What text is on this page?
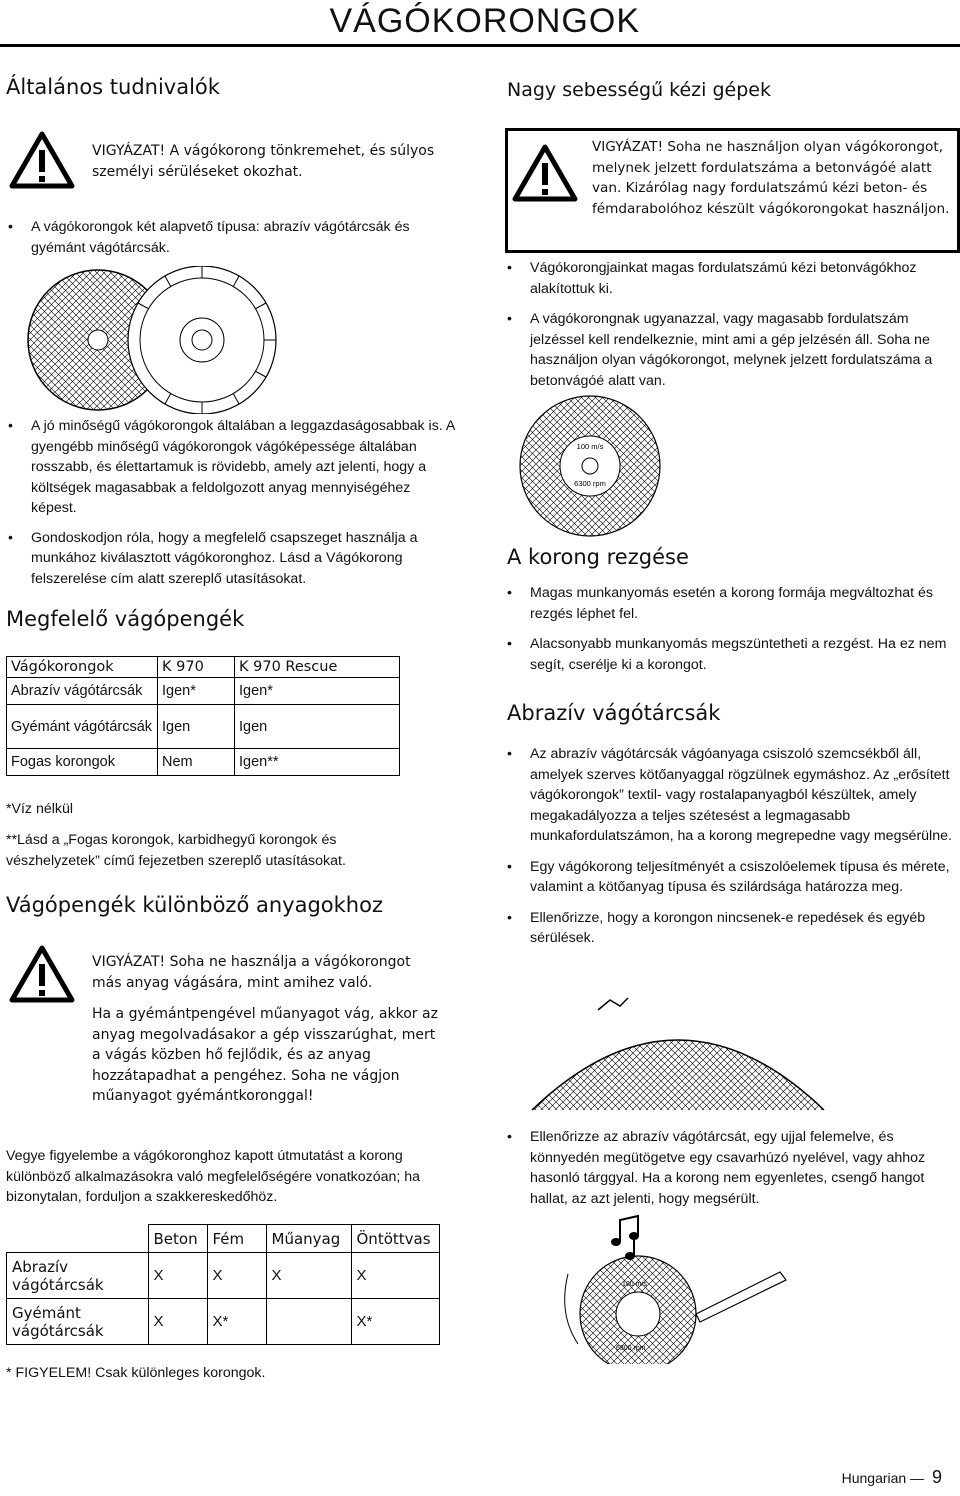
VÁGÓKORONGOK
Általános tudnivalók
VIGYÁZAT! A vágókorong tönkremehet, és súlyos személyi sérüléseket okozhat.
• A vágókorongok két alapvető típusa: abrazív vágótárcsák és gyémánt vágótárcsák.
• A jó minőségű vágókorongok általában a leggazdaságosabbak is. A gyengébb minőségű vágókorongok vágóképessége általában rosszabb, és élettartamuk is rövidebb, amely azt jelenti, hogy a költségek magasabbak a feldolgozott anyag mennyiségéhez képest.
• Gondoskodjon róla, hogy a megfelelő csapszeget használja a munkához kiválasztott vágókoronghoz. Lásd a Vágókorong felszerelése cím alatt szereplő utasításokat.
Megfelelő vágópengék
Vágókorongok	K 970	K 970 Rescue
Abrazív vágótárcsák	Igen*	Igen*
Gyémánt vágótárcsák	Igen	Igen
Fogas korongok	Nem	Igen**

*Víz nélkül

**Lásd a „Fogas korongok, karbidhegyű korongok és vészhelyzetek” című fejezetben szereplő utasításokat.

Vágópengék különböző anyagokhoz

VIGYÁZAT! Soha ne használja a vágókorongot más anyag vágására, mint amihez való.

Ha a gyémántpengével műanyagot vág, akkor az anyag megolvadásakor a gép visszarúghat, mert a vágás közben hő fejlődik, és az anyag hozzátapadhat a pengéhez. Soha ne vágjon műanyagot gyémántkoronggal!

Vegye figyelembe a vágókoronghoz kapott útmutatást a korong különböző alkalmazásokra való megfelelőségére vonatkozóan; ha bizonytalan, forduljon a szakkereskedőhöz.

	Beton	Fém	Műanyag	Öntöttvas
Abrazív vágótárcsák	X	X	X	X
Gyémánt vágótárcsák	X	X*		X*

* FIGYELEM! Csak különleges korongok.

Nagy sebességű kézi gépek

VIGYÁZAT! Soha ne használjon olyan vágókorongot, melynek jelzett fordulatszáma a betonvágóé alatt van. Kizárólag nagy fordulatszámú kézi beton- és fémdarabolóhoz készült vágókorongokat használjon.

• Vágókorongjainkat magas fordulatszámú kézi betonvágókhoz alakítottuk ki.
• A vágókorongnak ugyanazzal, vagy magasabb fordulatszám jelzéssel kell rendelkeznie, mint ami a gép jelzésén áll. Soha ne használjon olyan vágókorongot, melynek jelzett fordulatszáma a betonvágóé alatt van.
100 m/s
6300 rpm
A korong rezgése
• Magas munkanyomás esetén a korong formája megváltozhat és rezgés léphet fel.
• Alacsonyabb munkanyomás megszüntetheti a rezgést. Ha ez nem segít, cserélje ki a korongot.
Abrazív vágótárcsák
• Az abrazív vágótárcsák vágóanyaga csiszoló szemcsékből áll, amelyek szerves kötőanyaggal rögzülnek egymáshoz. Az „erősített vágókorongok” textil- vagy rostalapanyagból készültek, amely megakadályozza a teljes szétesést a legmagasabb munkafordulatszámon, ha a korong megrepedne vagy megsérülne.
• Egy vágókorong teljesítményét a csiszolóelemek típusa és mérete, valamint a kötőanyag típusa és szilárdsága határozza meg.
• Ellenőrizze, hogy a korongon nincsenek-e repedések és egyéb sérülések.
• Ellenőrizze az abrazív vágótárcsát, egy ujjal felemelve, és könnyedén megütögetve egy csavarhúzó nyelével, vagy ahhoz hasonló tárggyal. Ha a korong nem egyenletes, csengő hangot hallat, az azt jelenti, hogy megsérült.
100 m/s
6300 rpm
Hungarian — 9
